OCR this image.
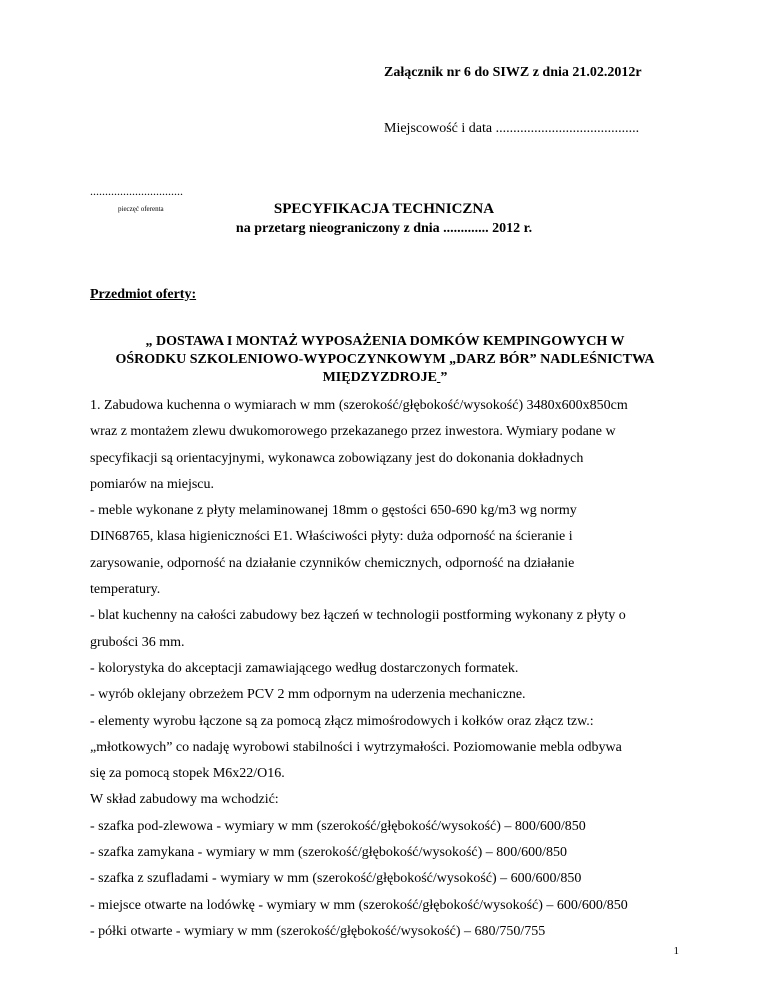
Załącznik nr 6 do SIWZ z dnia 21.02.2012r
Miejscowość i data .........................................
...............................
pieczęć oferenta	SPECYFIKACJA TECHNICZNA
na przetarg nieograniczony z dnia ............. 2012 r.
Przedmiot oferty:
„ DOSTAWA I MONTAŻ WYPOSAŻENIA DOMKÓW KEMPINGOWYCH W
OŚRODKU SZKOLENIOWO-WYPOCZYNKOWYM „DARZ BÓR” NADLEŚNICTWA
MIĘDZYZDROJE ”
1. Zabudowa kuchenna o wymiarach w mm (szerokość/głębokość/wysokość) 3480x600x850cm
wraz z montażem zlewu dwukomorowego przekazanego przez inwestora. Wymiary podane w
specyfikacji są orientacyjnymi, wykonawca zobowiązany jest do dokonania dokładnych
pomiarów na miejscu.
- meble wykonane z płyty melaminowanej 18mm o gęstości 650-690 kg/m3 wg normy
DIN68765, klasa higieniczności E1. Właściwości płyty: duża odporność na ścieranie i
zarysowanie, odporność na działanie czynników chemicznych, odporność na działanie
temperatury.
- blat kuchenny na całości zabudowy bez łączeń w technologii postforming wykonany z płyty o
grubości 36 mm.
- kolorystyka do akceptacji zamawiającego według dostarczonych formatek.
- wyrób oklejany obrzeżem PCV 2 mm odpornym na uderzenia mechaniczne.
- elementy wyrobu łączone są za pomocą złącz mimośrodowych i kołków oraz złącz tzw.:
„młotkowych” co nadaję wyrobowi stabilności i wytrzymałości. Poziomowanie mebla odbywa
się za pomocą stopek M6x22/O16.
W skład zabudowy ma wchodzić:
- szafka pod-zlewowa - wymiary w mm (szerokość/głębokość/wysokość) – 800/600/850
- szafka zamykana - wymiary w mm (szerokość/głębokość/wysokość) – 800/600/850
- szafka z szufladami - wymiary w mm (szerokość/głębokość/wysokość) – 600/600/850
- miejsce otwarte na lodówkę - wymiary w mm (szerokość/głębokość/wysokość) – 600/600/850
- półki otwarte - wymiary w mm (szerokość/głębokość/wysokość) – 680/750/755
1
